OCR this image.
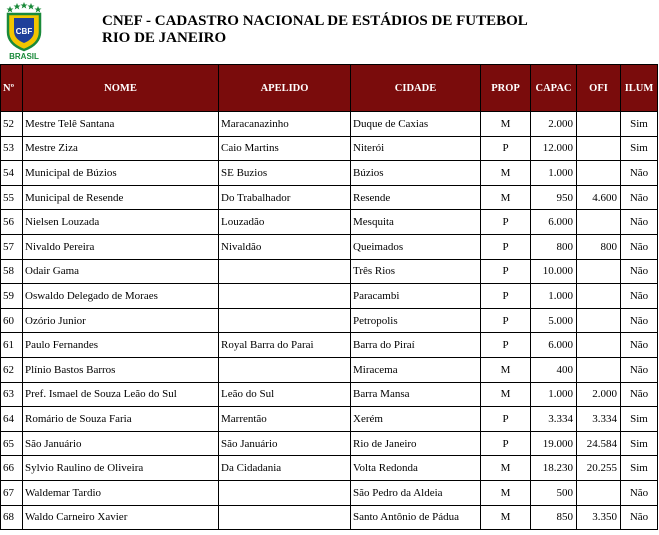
CBF
BRASIL
CNEF - CADASTRO NACIONAL DE ESTÁDIOS DE FUTEBOL
RIO DE JANEIRO
Nº	NOME	APELIDO	CIDADE	PROP	CAPAC	OFI	ILUM
52	Mestre Telê Santana	Maracanazinho	Duque de Caxias	M	2.000		Sim
53	Mestre Ziza	Caio Martins	Niterói	P	12.000		Sim
54	Municipal de Búzios	SE Buzios	Búzios	M	1.000		Não
55	Municipal de Resende	Do Trabalhador	Resende	M	950	4.600	Não
56	Nielsen Louzada	Louzadão	Mesquita	P	6.000		Não
57	Nivaldo Pereira	Nivaldão	Queimados	P	800	800	Não
58	Odair Gama		Três Rios	P	10.000		Não
59	Oswaldo Delegado de Moraes		Paracambi	P	1.000		Não
60	Ozório Junior		Petropolis	P	5.000		Não
61	Paulo Fernandes	Royal Barra do Parai	Barra do Piraí	P	6.000		Não
62	Plínio Bastos Barros		Miracema	M	400		Não
63	Pref. Ismael de Souza Leão do Sul	Leão do Sul	Barra Mansa	M	1.000	2.000	Não
64	Romário de Souza Faria	Marrentão	Xerém	P	3.334	3.334	Sim
65	São Januário	São Januário	Rio de Janeiro	P	19.000	24.584	Sim
66	Sylvio Raulino de Oliveira	Da Cidadania	Volta Redonda	M	18.230	20.255	Sim
67	Waldemar Tardio		São Pedro da Aldeia	M	500		Não
68	Waldo Carneiro Xavier		Santo Antônio de Pádua	M	850	3.350	Não
